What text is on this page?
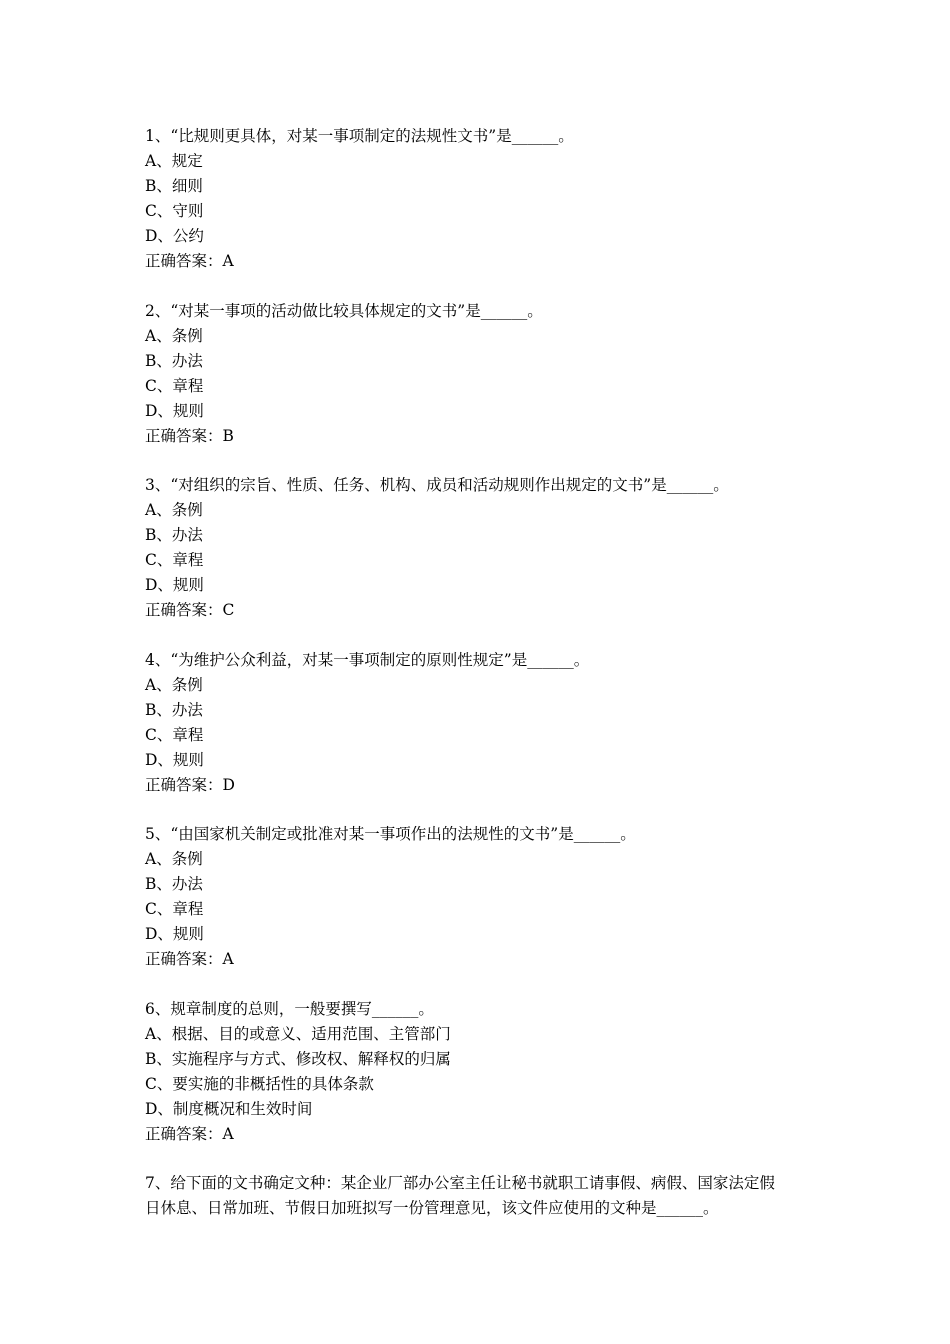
1、“比规则更具体，对某一事项制定的法规性文书”是______。
A、规定
B、细则
C、守则
D、公约
正确答案：A
2、“对某一事项的活动做比较具体规定的文书”是______。
A、条例
B、办法
C、章程
D、规则
正确答案：B
3、“对组织的宗旨、性质、任务、机构、成员和活动规则作出规定的文书”是______。
A、条例
B、办法
C、章程
D、规则
正确答案：C
4、“为维护公众利益，对某一事项制定的原则性规定”是______。
A、条例
B、办法
C、章程
D、规则
正确答案：D
5、“由国家机关制定或批准对某一事项作出的法规性的文书”是______。
A、条例
B、办法
C、章程
D、规则
正确答案：A
6、规章制度的总则，一般要撰写______。
A、根据、目的或意义、适用范围、主管部门
B、实施程序与方式、修改权、解释权的归属
C、要实施的非概括性的具体条款
D、制度概况和生效时间
正确答案：A
7、给下面的文书确定文种：某企业厂部办公室主任让秘书就职工请事假、病假、国家法定假
日休息、日常加班、节假日加班拟写一份管理意见，该文件应使用的文种是______。
